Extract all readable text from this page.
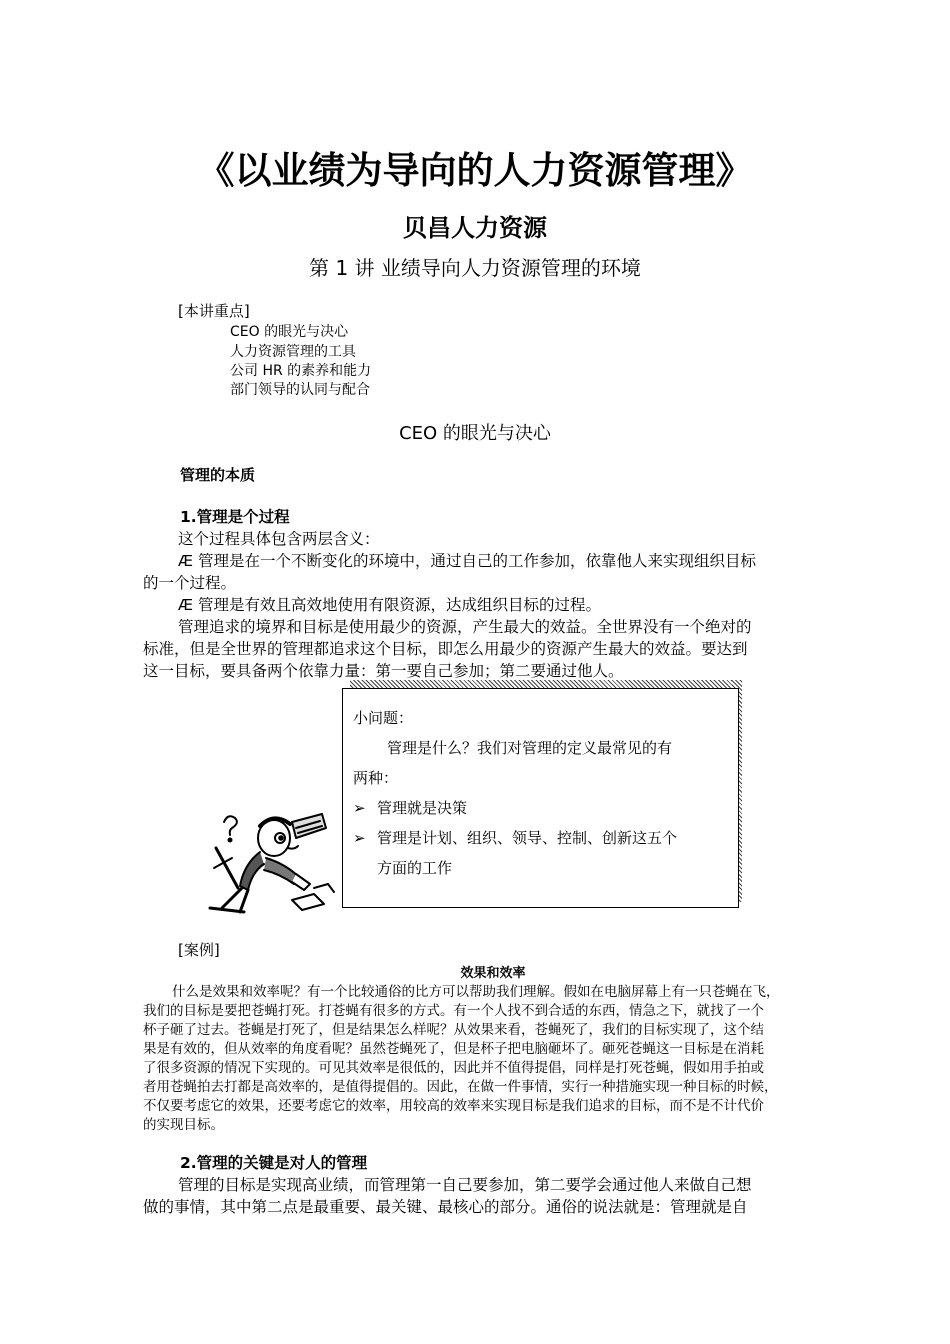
《以业绩为导向的人力资源管理》
贝昌人力资源
第 1 讲 业绩导向人力资源管理的环境
[本讲重点]
CEO 的眼光与决心
人力资源管理的工具
公司 HR 的素养和能力
部门领导的认同与配合
CEO 的眼光与决心
管理的本质
1.管理是个过程
这个过程具体包含两层含义：
Æ 管理是在一个不断变化的环境中，通过自己的工作参加，依靠他人来实现组织目标
的一个过程。
Æ 管理是有效且高效地使用有限资源，达成组织目标的过程。
管理追求的境界和目标是使用最少的资源，产生最大的效益。全世界没有一个绝对的
标准，但是全世界的管理都追求这个目标，即怎么用最少的资源产生最大的效益。要达到
这一目标，要具备两个依靠力量：第一要自己参加；第二要通过他人。
小问题：
管理是什么？我们对管理的定义最常见的有
两种：
➢ 管理就是决策
➢ 管理是计划、组织、领导、控制、创新这五个
方面的工作
[案例]
效果和效率
什么是效果和效率呢？有一个比较通俗的比方可以帮助我们理解。假如在电脑屏幕上有一只苍蝇在飞，
我们的目标是要把苍蝇打死。打苍蝇有很多的方式。有一个人找不到合适的东西，情急之下，就找了一个
杯子砸了过去。苍蝇是打死了，但是结果怎么样呢？从效果来看，苍蝇死了，我们的目标实现了，这个结
果是有效的，但从效率的角度看呢？虽然苍蝇死了，但是杯子把电脑砸坏了。砸死苍蝇这一目标是在消耗
了很多资源的情况下实现的。可见其效率是很低的，因此并不值得提倡，同样是打死苍蝇，假如用手拍或
者用苍蝇拍去打都是高效率的，是值得提倡的。因此，在做一件事情，实行一种措施实现一种目标的时候，
不仅要考虑它的效果，还要考虑它的效率，用较高的效率来实现目标是我们追求的目标，而不是不计代价
的实现目标。
2.管理的关键是对人的管理
管理的目标是实现高业绩，而管理第一自己要参加，第二要学会通过他人来做自己想
做的事情，其中第二点是最重要、最关键、最核心的部分。通俗的说法就是：管理就是自
